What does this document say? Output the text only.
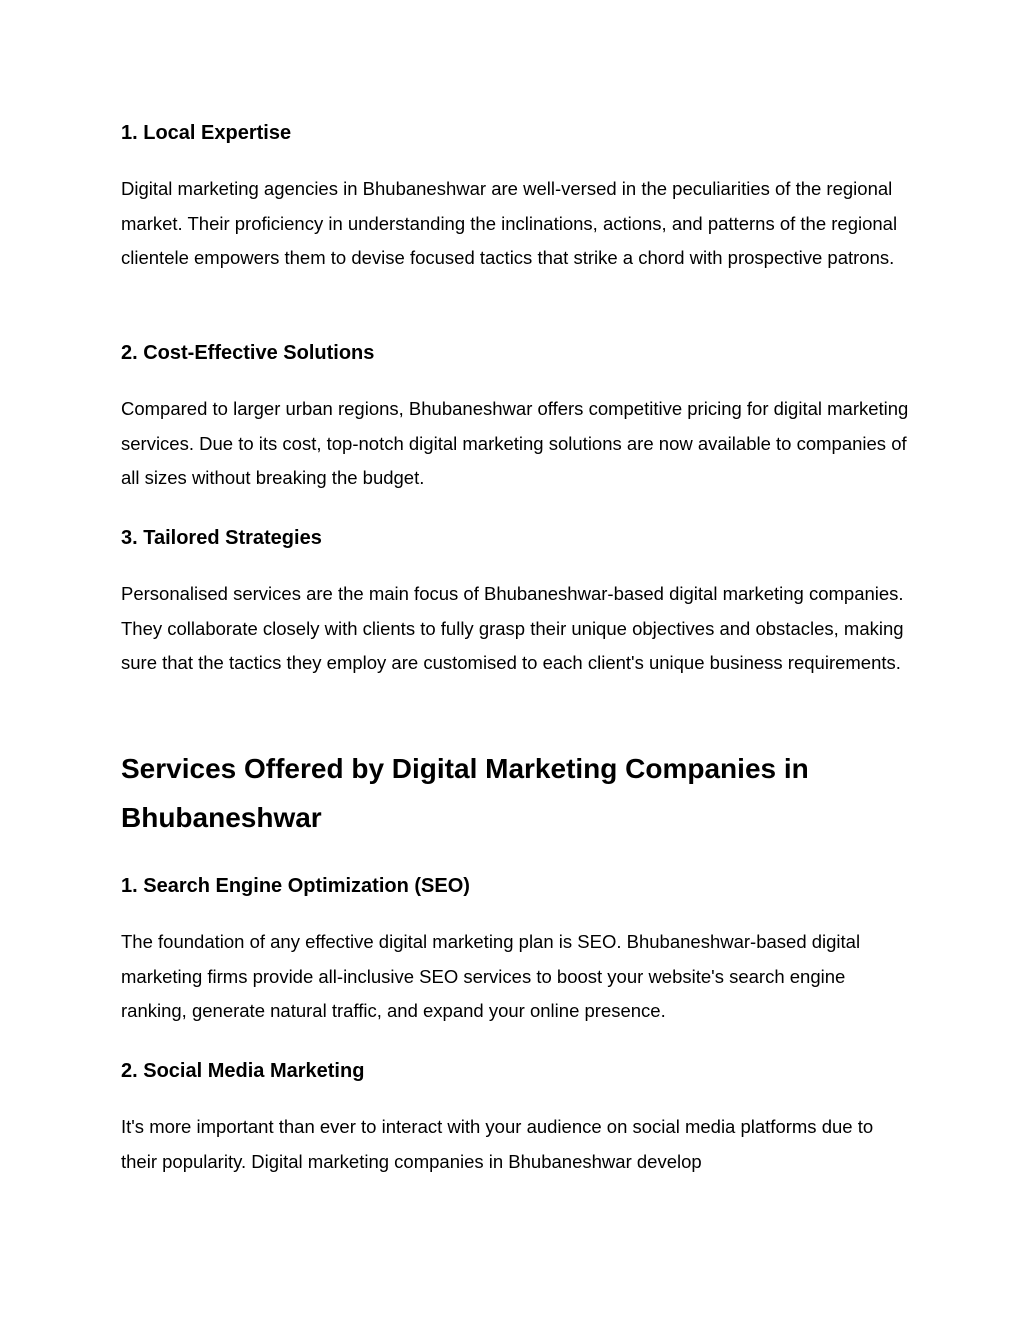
1. Local Expertise

Digital marketing agencies in Bhubaneshwar are well-versed in the peculiarities of the regional market. Their proficiency in understanding the inclinations, actions, and patterns of the regional clientele empowers them to devise focused tactics that strike a chord with prospective patrons.

2. Cost-Effective Solutions

Compared to larger urban regions, Bhubaneshwar offers competitive pricing for digital marketing services. Due to its cost, top-notch digital marketing solutions are now available to companies of all sizes without breaking the budget.

3. Tailored Strategies

Personalised services are the main focus of Bhubaneshwar-based digital marketing companies. They collaborate closely with clients to fully grasp their unique objectives and obstacles, making sure that the tactics they employ are customised to each client's unique business requirements.

Services Offered by Digital Marketing Companies in Bhubaneshwar
1. Search Engine Optimization (SEO)

The foundation of any effective digital marketing plan is SEO. Bhubaneshwar-based digital marketing firms provide all-inclusive SEO services to boost your website's search engine ranking, generate natural traffic, and expand your online presence.

2. Social Media Marketing

It's more important than ever to interact with your audience on social media platforms due to their popularity. Digital marketing companies in Bhubaneshwar develop
